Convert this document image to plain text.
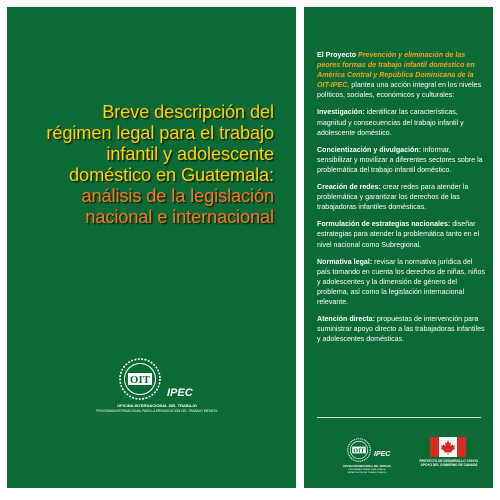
Breve descripción del
régimen legal para el trabajo
infantil y adolescente
doméstico en Guatemala:
análisis de la legislación
nacional e internacional
OIT
IPEC
OFICINA INTERNACIONAL DEL TRABAJO
PROGRAMA INTERNACIONAL PARA LA ERRADICACIÓN DEL TRABAJO INFANTIL

El Proyecto Prevención y eliminación de las peores formas de trabajo infantil doméstico en América Central y República Dominicana de la OIT-IPEC, plantea una acción integral en los niveles políticos, sociales, económicos y culturales:

Investigación: identificar las características, magnitud y consecuencias del trabajo infantil y adolescente doméstico.

Concientización y divulgación: informar, sensibilizar y movilizar a diferentes sectores sobre la problemática del trabajo infantil doméstico.

Creación de redes: crear redes para atender la problemática y garantizar los derechos de las trabajadoras infantiles domésticas.

Formulación de estrategias nacionales: diseñar estrategias para atender la problemática tanto en el nivel nacional como Subregional.

Normativa legal: revisar la normativa jurídica del país tomando en cuenta los derechos de niñas, niños y adolescentes y la dimensión de género del problema, así como la legislación internacional relevante.

Atención directa: propuestas de intervención para suministrar apoyo directo a las trabajadoras infantiles y adolescentes domésticas.

OIT
IPEC
OFICINA INTERNACIONAL DEL TRABAJO
PROGRAMA INTERNACIONAL PARA LA ERRADICACIÓN DEL TRABAJO INFANTIL
PROYECTO DE DESARROLLO CON EL APOYO DEL GOBIERNO DE CANADÁ
